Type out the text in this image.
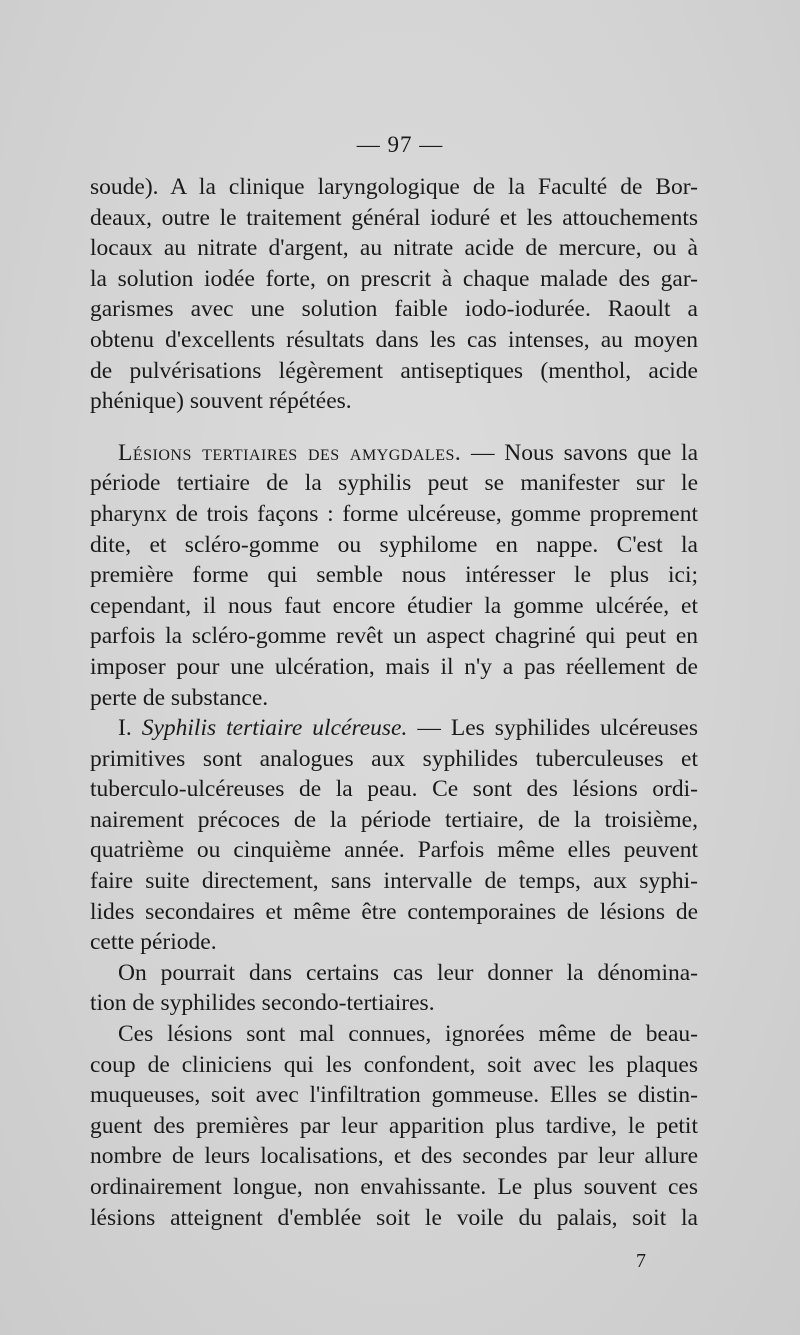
— 97 —
soude). A la clinique laryngologique de la Faculté de Bor-
deaux, outre le traitement général ioduré et les attouchements
locaux au nitrate d'argent, au nitrate acide de mercure, ou à
la solution iodée forte, on prescrit à chaque malade des gar-
garismes avec une solution faible iodo-iodurée. Raoult a
obtenu d'excellents résultats dans les cas intenses, au moyen
de pulvérisations légèrement antiseptiques (menthol, acide
phénique) souvent répétées.
Lésions tertiaires des amygdales. — Nous savons que la
période tertiaire de la syphilis peut se manifester sur le
pharynx de trois façons : forme ulcéreuse, gomme proprement
dite, et scléro-gomme ou syphilome en nappe. C'est la
première forme qui semble nous intéresser le plus ici;
cependant, il nous faut encore étudier la gomme ulcérée, et
parfois la scléro-gomme revêt un aspect chagriné qui peut en
imposer pour une ulcération, mais il n'y a pas réellement de
perte de substance.
I. Syphilis tertiaire ulcéreuse. — Les syphilides ulcéreuses
primitives sont analogues aux syphilides tuberculeuses et
tuberculo-ulcéreuses de la peau. Ce sont des lésions ordi-
nairement précoces de la période tertiaire, de la troisième,
quatrième ou cinquième année. Parfois même elles peuvent
faire suite directement, sans intervalle de temps, aux syphi-
lides secondaires et même être contemporaines de lésions de
cette période.
On pourrait dans certains cas leur donner la dénomina-
tion de syphilides secondo-tertiaires.
Ces lésions sont mal connues, ignorées même de beau-
coup de cliniciens qui les confondent, soit avec les plaques
muqueuses, soit avec l'infiltration gommeuse. Elles se distin-
guent des premières par leur apparition plus tardive, le petit
nombre de leurs localisations, et des secondes par leur allure
ordinairement longue, non envahissante. Le plus souvent ces
lésions atteignent d'emblée soit le voile du palais, soit la
7
